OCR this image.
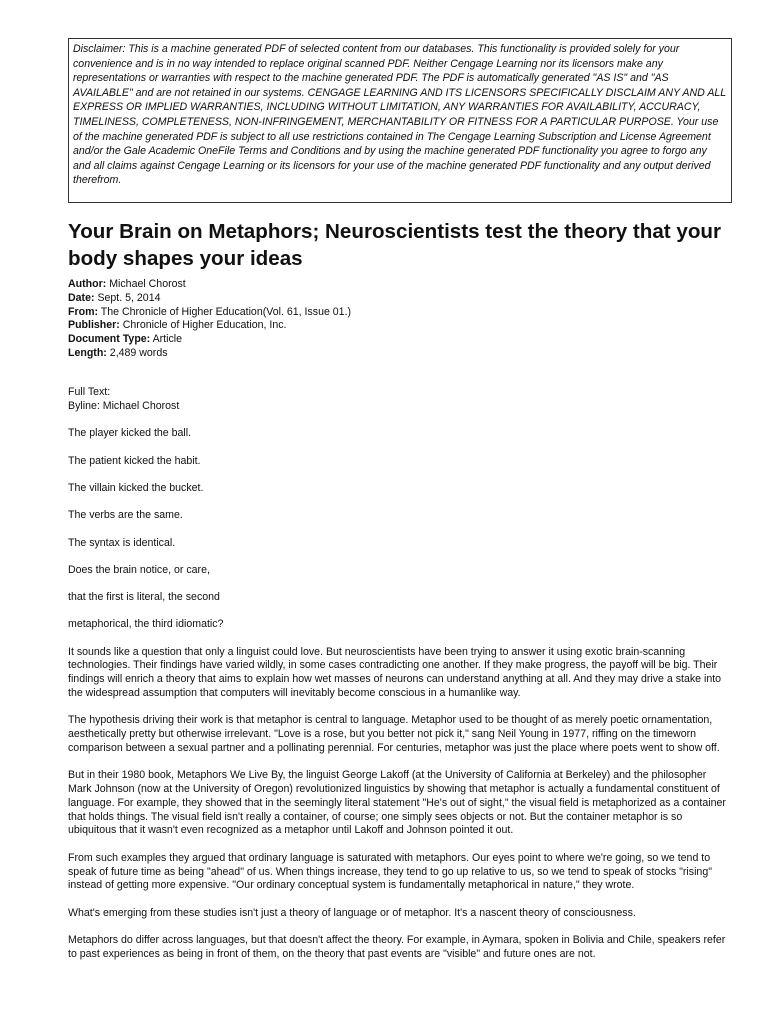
Disclaimer: This is a machine generated PDF of selected content from our databases. This functionality is provided solely for your convenience and is in no way intended to replace original scanned PDF. Neither Cengage Learning nor its licensors make any representations or warranties with respect to the machine generated PDF. The PDF is automatically generated "AS IS" and "AS AVAILABLE" and are not retained in our systems. CENGAGE LEARNING AND ITS LICENSORS SPECIFICALLY DISCLAIM ANY AND ALL EXPRESS OR IMPLIED WARRANTIES, INCLUDING WITHOUT LIMITATION, ANY WARRANTIES FOR AVAILABILITY, ACCURACY, TIMELINESS, COMPLETENESS, NON-INFRINGEMENT, MERCHANTABILITY OR FITNESS FOR A PARTICULAR PURPOSE. Your use of the machine generated PDF is subject to all use restrictions contained in The Cengage Learning Subscription and License Agreement and/or the Gale Academic OneFile Terms and Conditions and by using the machine generated PDF functionality you agree to forgo any and all claims against Cengage Learning or its licensors for your use of the machine generated PDF functionality and any output derived therefrom.
Your Brain on Metaphors; Neuroscientists test the theory that your body shapes your ideas
Author: Michael Chorost
Date: Sept. 5, 2014
From: The Chronicle of Higher Education(Vol. 61, Issue 01.)
Publisher: Chronicle of Higher Education, Inc.
Document Type: Article
Length: 2,489 words
Full Text:
Byline: Michael Chorost

The player kicked the ball.

The patient kicked the habit.

The villain kicked the bucket.

The verbs are the same.

The syntax is identical.

Does the brain notice, or care,

that the first is literal, the second

metaphorical, the third idiomatic?

It sounds like a question that only a linguist could love. But neuroscientists have been trying to answer it using exotic brain-scanning technologies. Their findings have varied wildly, in some cases contradicting one another. If they make progress, the payoff will be big. Their findings will enrich a theory that aims to explain how wet masses of neurons can understand anything at all. And they may drive a stake into the widespread assumption that computers will inevitably become conscious in a humanlike way.

The hypothesis driving their work is that metaphor is central to language. Metaphor used to be thought of as merely poetic ornamentation, aesthetically pretty but otherwise irrelevant. "Love is a rose, but you better not pick it," sang Neil Young in 1977, riffing on the timeworn comparison between a sexual partner and a pollinating perennial. For centuries, metaphor was just the place where poets went to show off.

But in their 1980 book, Metaphors We Live By, the linguist George Lakoff (at the University of California at Berkeley) and the philosopher Mark Johnson (now at the University of Oregon) revolutionized linguistics by showing that metaphor is actually a fundamental constituent of language. For example, they showed that in the seemingly literal statement "He's out of sight," the visual field is metaphorized as a container that holds things. The visual field isn't really a container, of course; one simply sees objects or not. But the container metaphor is so ubiquitous that it wasn't even recognized as a metaphor until Lakoff and Johnson pointed it out.

From such examples they argued that ordinary language is saturated with metaphors. Our eyes point to where we're going, so we tend to speak of future time as being "ahead" of us. When things increase, they tend to go up relative to us, so we tend to speak of stocks "rising" instead of getting more expensive. "Our ordinary conceptual system is fundamentally metaphorical in nature," they wrote.

What's emerging from these studies isn't just a theory of language or of metaphor. It's a nascent theory of consciousness.

Metaphors do differ across languages, but that doesn't affect the theory. For example, in Aymara, spoken in Bolivia and Chile, speakers refer to past experiences as being in front of them, on the theory that past events are "visible" and future ones are not.
